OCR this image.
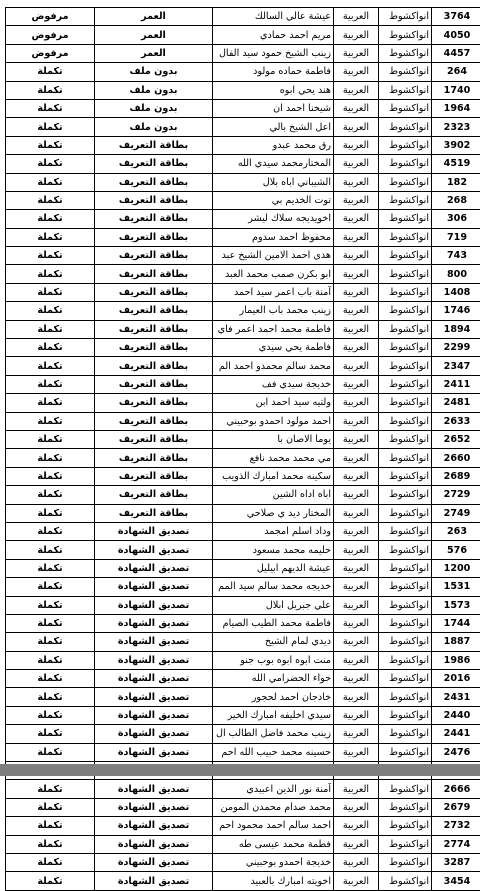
3764	انواكشوط	العربية	عيشة عالي السالك	العمر	مرفوض
4050	انواكشوط	العربية	مريم احمد حمادي	العمر	مرفوض
4457	انواكشوط	العربية	زينب الشيخ حمود سيد الفال	العمر	مرفوض
264	انواكشوط	العربية	فاطمة حماده مولود	بدون ملف	تكملة
1740	انواكشوط	العربية	هند يحي ابوه	بدون ملف	تكملة
1964	انواكشوط	العربية	شيخنا احمد ان	بدون ملف	تكملة
2323	انواكشوط	العربية	اعل الشيخ بالي	بدون ملف	تكملة
3902	انواكشوط	العربية	رق محمد عبدو	بطاقة التعريف	تكملة
4519	انواكشوط	العربية	المختارمحمد سيدي الله	بطاقة التعريف	تكملة
182	انواكشوط	العربية	الشيباني اباه بلال	بطاقة التعريف	تكملة
268	انواكشوط	العربية	توت الخديم بي	بطاقة التعريف	تكملة
306	انواكشوط	العربية	اخويديجه سلاك ليشر	بطاقة التعريف	تكملة
719	انواكشوط	العربية	محفوظ احمد سدوم	بطاقة التعريف	تكملة
743	انواكشوط	العربية	هدى احمد الامين الشيخ عبد	بطاقة التعريف	تكملة
800	انواكشوط	العربية	ابو بكرن صمب محمد العبد	بطاقة التعريف	تكملة
1408	انواكشوط	العربية	آمنة باب اعمر سيد احمد	بطاقة التعريف	تكملة
1746	انواكشوط	العربية	زينب محمد باب العيمار	بطاقة التعريف	تكملة
1894	انواكشوط	العربية	فاطمة محمد احمد اعمر فاي	بطاقة التعريف	تكملة
2299	انواكشوط	العربية	فاطمة يحي سيدي	بطاقة التعريف	تكملة
2347	انواكشوط	العربية	محمد سالم محمدو احمد الم	بطاقة التعريف	تكملة
2411	انواكشوط	العربية	خديجة سيدي فف	بطاقة التعريف	تكملة
2481	انواكشوط	العربية	ولتيه سيد احمد ابن	بطاقة التعريف	تكملة
2633	انواكشوط	العربية	احمد مولود احمدو بوحبيني	بطاقة التعريف	تكملة
2652	انواكشوط	العربية	يوما الاصان با	بطاقة التعريف	تكملة
2660	انواكشوط	العربية	مي محمد محمد نافع	بطاقة التعريف	تكملة
2689	انواكشوط	العربية	سكينه محمد امبارك الذويب	بطاقة التعريف	تكملة
2729	انواكشوط	العربية	اباه اداه الشين	بطاقة التعريف	تكملة
2749	انواكشوط	العربية	المختار ديد ي صلاحي	بطاقة التعريف	تكملة
263	انواكشوط	العربية	وداد اسلم امجمد	تصديق الشهادة	تكملة
576	انواكشوط	العربية	حليمه محمد مسعود	تصديق الشهادة	تكملة
1200	انواكشوط	العربية	عيشة الديهم ابيليل	تصديق الشهادة	تكملة
1531	انواكشوط	العربية	خديجه محمد سالم سيد المم	تصديق الشهادة	تكملة
1573	انواكشوط	العربية	علي جبريل ابلال	تصديق الشهادة	تكملة
1744	انواكشوط	العربية	فاطمة محمد الطيب الصيام	تصديق الشهادة	تكملة
1887	انواكشوط	العربية	ديدي لمام الشيخ	تصديق الشهادة	تكملة
1986	انواكشوط	العربية	منت ابوه ابوه بوب جنو	تصديق الشهادة	تكملة
2016	انواكشوط	العربية	حواء الحضرامي الله	تصديق الشهادة	تكملة
2431	انواكشوط	العربية	خادجان احمد لحجور	تصديق الشهادة	تكملة
2440	انواكشوط	العربية	سيدي اخليفه امبارك الخير	تصديق الشهادة	تكملة
2441	انواكشوط	العربية	زينب محمد فاضل الطالب ال	تصديق الشهادة	تكملة
2476	انواكشوط	العربية	حسينه محمد حبيب الله احم	تصديق الشهادة	تكملة

2666	انواكشوط	العربية	آمنة نور الدين اعبيدي	تصديق الشهادة	تكملة
2679	انواكشوط	العربية	محمد صدام محمدن المومن	تصديق الشهادة	تكملة
2732	انواكشوط	العربية	احمد سالم احمد محمود احم	تصديق الشهادة	تكملة
2774	انواكشوط	العربية	فطمة محمد عيسى طه	تصديق الشهادة	تكملة
3287	انواكشوط	العربية	خديجة احمدو بوحبيني	تصديق الشهادة	تكملة
3454	انواكشوط	العربية	اخويته امبارك بالعبيد	تصديق الشهادة	تكملة
